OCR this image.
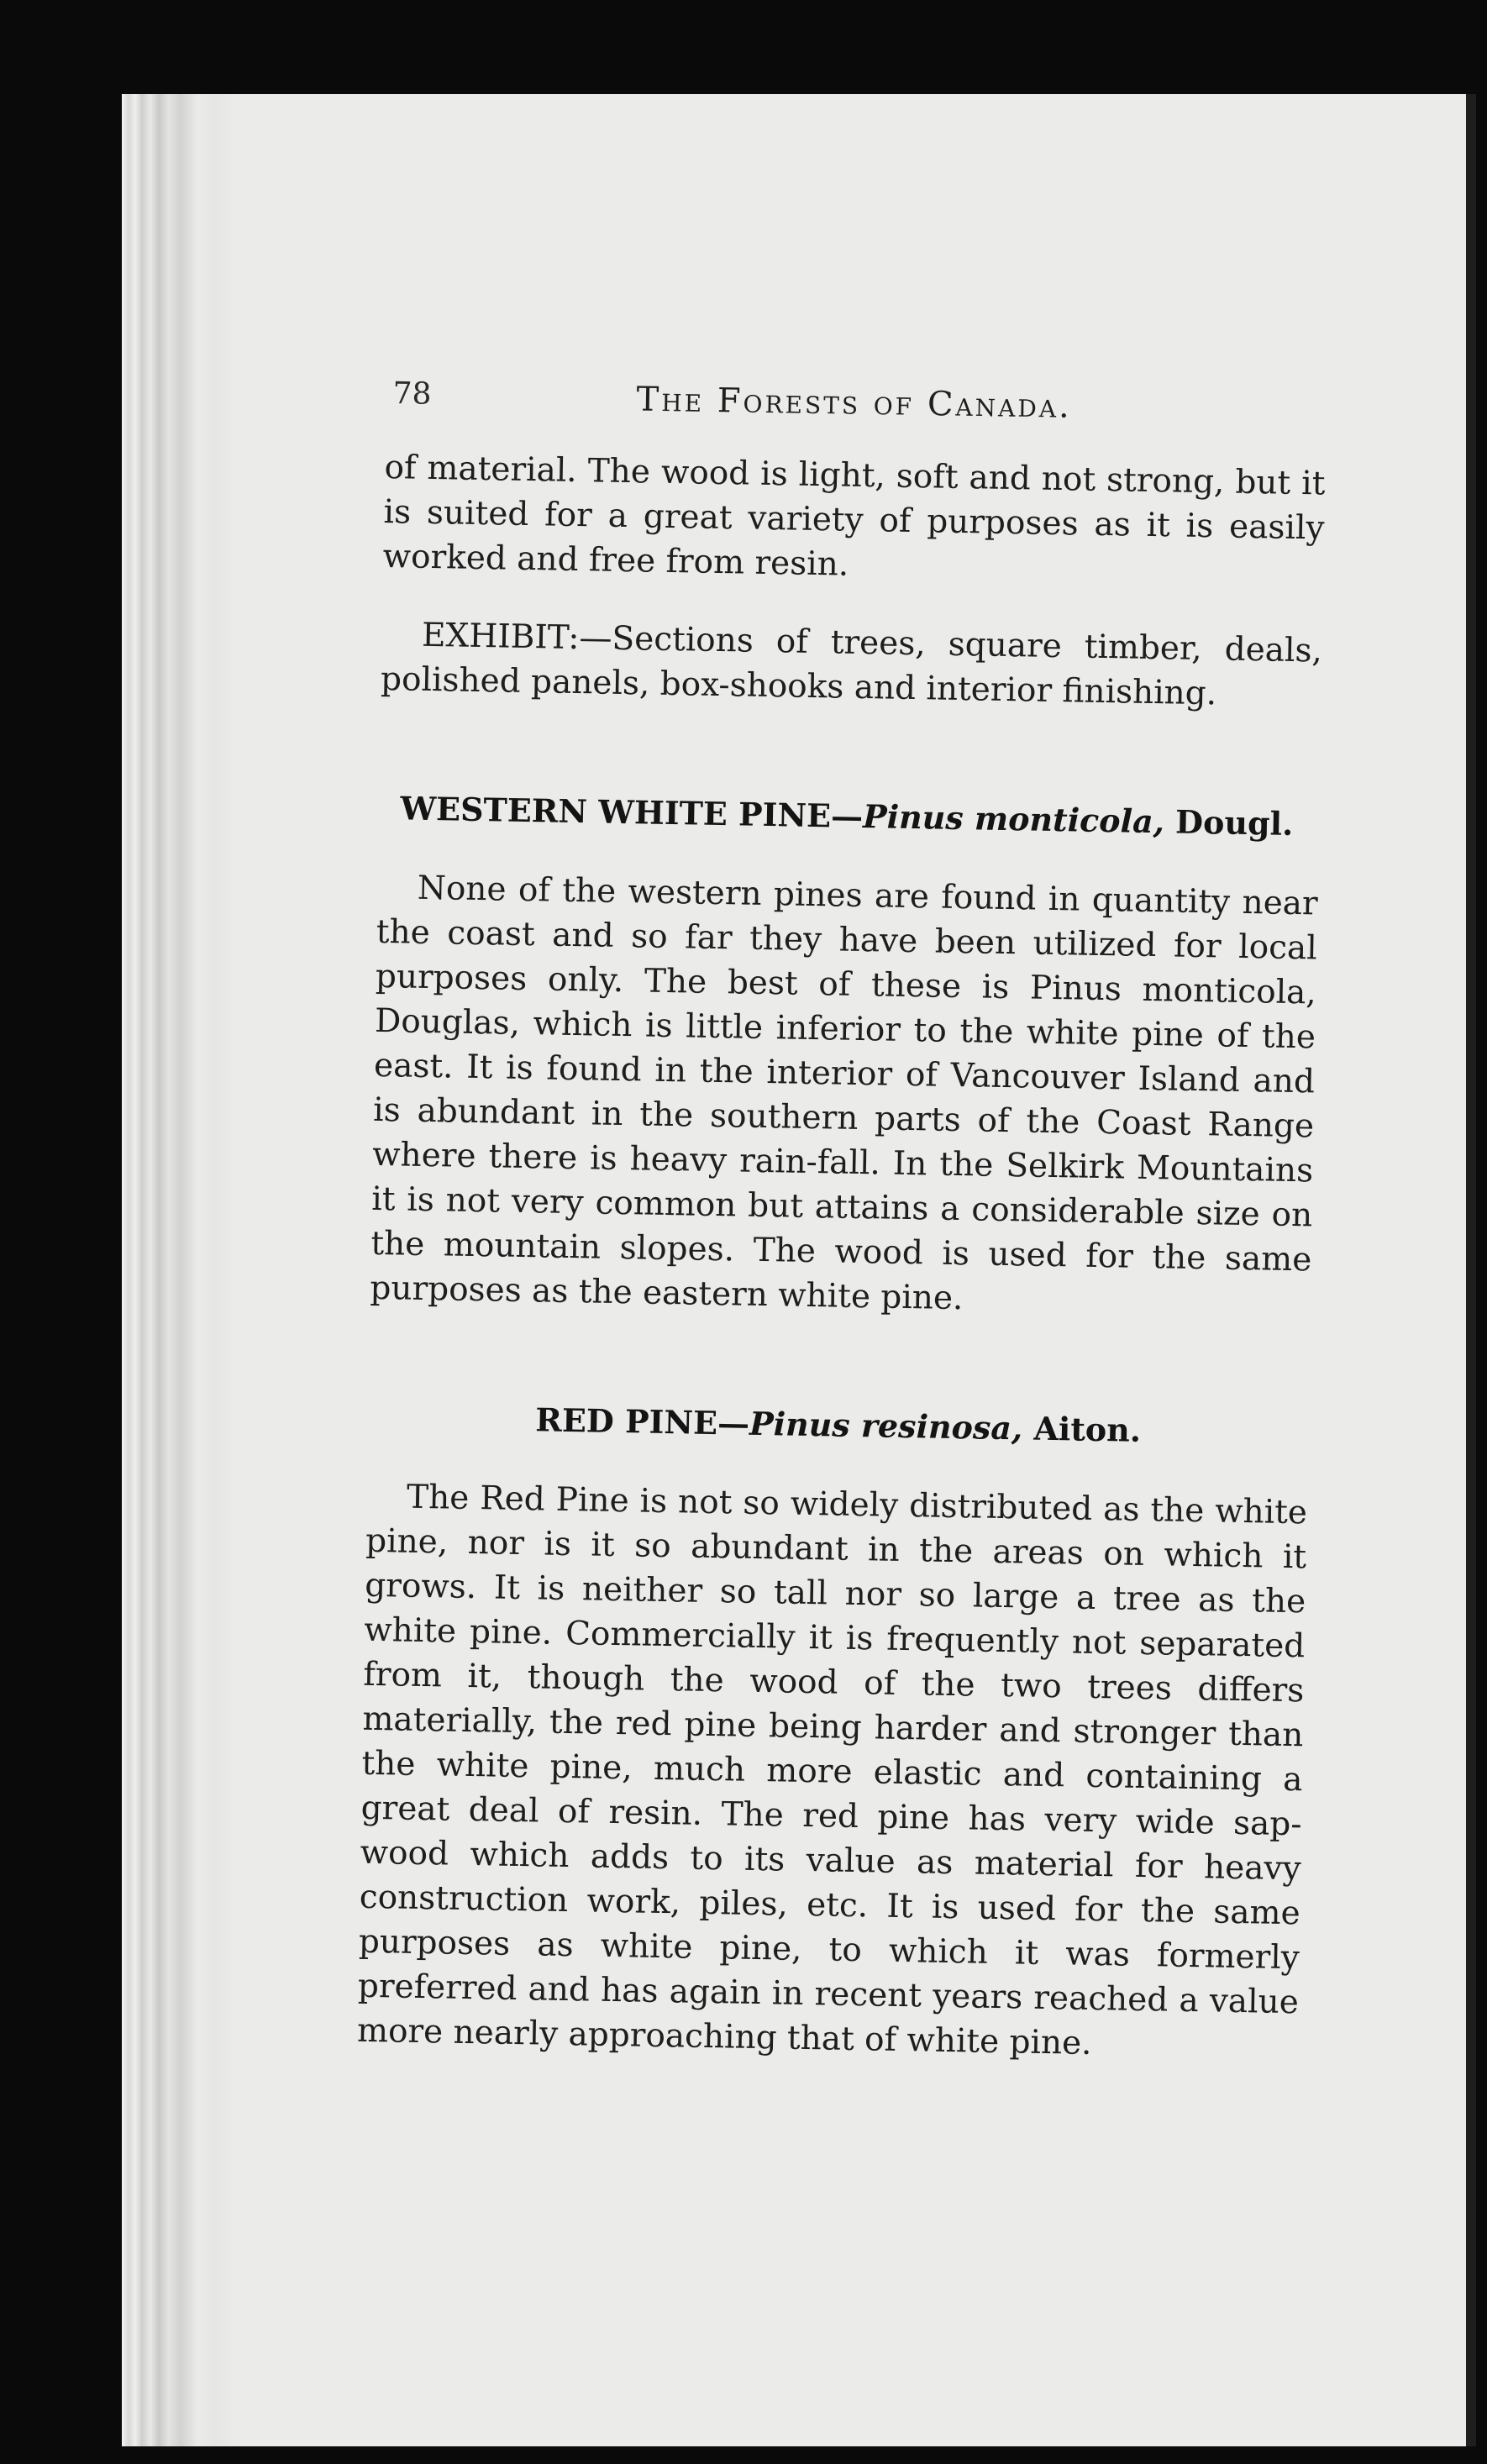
78	The Forests of Canada.

of material. The wood is light, soft and not strong, but it is suited for a great variety of purposes as it is easily worked and free from resin.

EXHIBIT:—Sections of trees, square timber, deals, polished panels, box-shooks and interior finishing.

WESTERN WHITE PINE—Pinus monticola, Dougl.

None of the western pines are found in quantity near the coast and so far they have been utilized for local purposes only. The best of these is Pinus monticola, Douglas, which is little inferior to the white pine of the east. It is found in the interior of Vancouver Island and is abundant in the southern parts of the Coast Range where there is heavy rain-fall. In the Selkirk Mountains it is not very common but attains a considerable size on the mountain slopes. The wood is used for the same purposes as the eastern white pine.

RED PINE—Pinus resinosa, Aiton.

The Red Pine is not so widely distributed as the white pine, nor is it so abundant in the areas on which it grows. It is neither so tall nor so large a tree as the white pine. Commercially it is frequently not separated from it, though the wood of the two trees differs materially, the red pine being harder and stronger than the white pine, much more elastic and containing a great deal of resin. The red pine has very wide sap-wood which adds to its value as material for heavy construction work, piles, etc. It is used for the same purposes as white pine, to which it was formerly preferred and has again in recent years reached a value more nearly approaching that of white pine.
